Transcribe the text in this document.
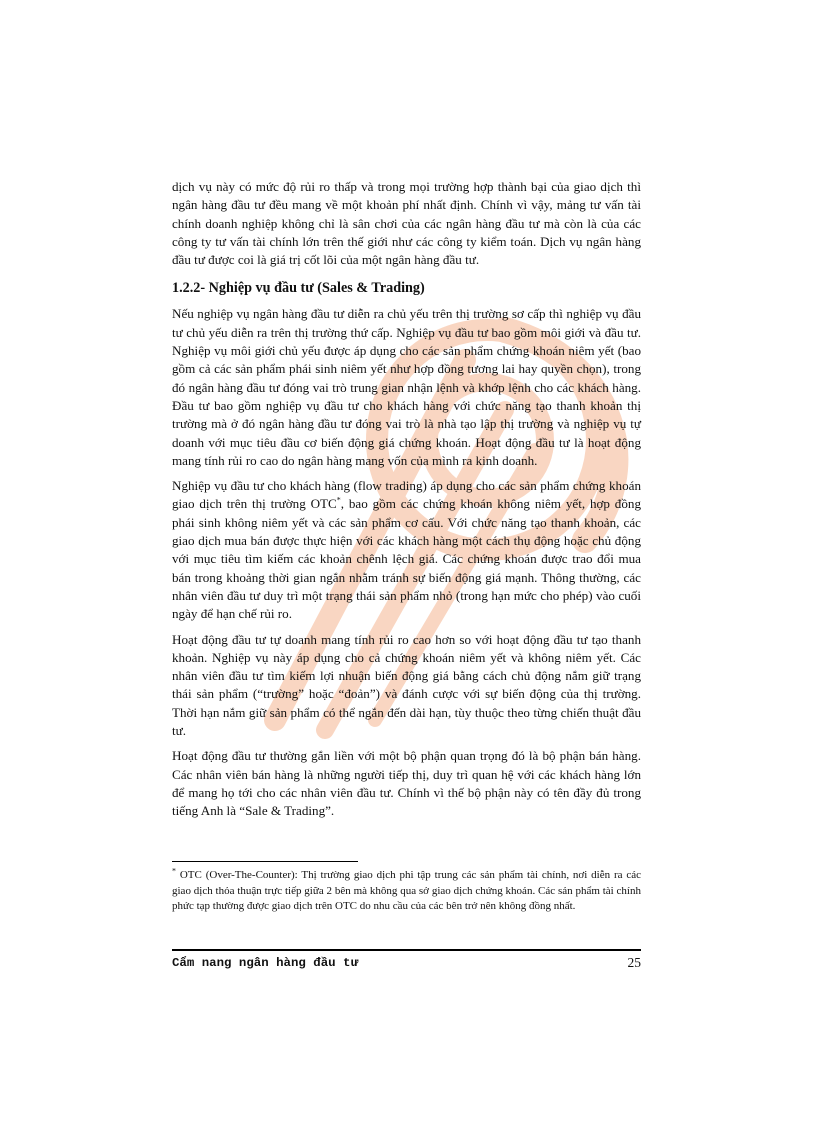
dịch vụ này có mức độ rủi ro thấp và trong mọi trường hợp thành bại của giao dịch thì ngân hàng đầu tư đều mang về một khoản phí nhất định. Chính vì vậy, mảng tư vấn tài chính doanh nghiệp không chỉ là sân chơi của các ngân hàng đầu tư mà còn là của các công ty tư vấn tài chính lớn trên thế giới như các công ty kiểm toán. Dịch vụ ngân hàng đầu tư được coi là giá trị cốt lõi của một ngân hàng đầu tư.

1.2.2- Nghiệp vụ đầu tư (Sales & Trading)

Nếu nghiệp vụ ngân hàng đầu tư diễn ra chủ yếu trên thị trường sơ cấp thì nghiệp vụ đầu tư chủ yếu diễn ra trên thị trường thứ cấp. Nghiệp vụ đầu tư bao gồm môi giới và đầu tư. Nghiệp vụ môi giới chủ yếu được áp dụng cho các sản phẩm chứng khoán niêm yết (bao gồm cả các sản phẩm phái sinh niêm yết như hợp đồng tương lai hay quyền chọn), trong đó ngân hàng đầu tư đóng vai trò trung gian nhận lệnh và khớp lệnh cho các khách hàng. Đầu tư bao gồm nghiệp vụ đầu tư cho khách hàng với chức năng tạo thanh khoản thị trường mà ở đó ngân hàng đầu tư đóng vai trò là nhà tạo lập thị trường và nghiệp vụ tự doanh với mục tiêu đầu cơ biến động giá chứng khoán. Hoạt động đầu tư là hoạt động mang tính rủi ro cao do ngân hàng mang vốn của mình ra kinh doanh.

Nghiệp vụ đầu tư cho khách hàng (flow trading) áp dụng cho các sản phẩm chứng khoán giao dịch trên thị trường OTC*, bao gồm các chứng khoán không niêm yết, hợp đồng phái sinh không niêm yết và các sản phẩm cơ cấu. Với chức năng tạo thanh khoản, các giao dịch mua bán được thực hiện với các khách hàng một cách thụ động hoặc chủ động với mục tiêu tìm kiếm các khoản chênh lệch giá. Các chứng khoán được trao đổi mua bán trong khoảng thời gian ngắn nhằm tránh sự biến động giá mạnh. Thông thường, các nhân viên đầu tư duy trì một trạng thái sản phẩm nhỏ (trong hạn mức cho phép) vào cuối ngày để hạn chế rủi ro.

Hoạt động đầu tư tự doanh mang tính rủi ro cao hơn so với hoạt động đầu tư tạo thanh khoản. Nghiệp vụ này áp dụng cho cả chứng khoán niêm yết và không niêm yết. Các nhân viên đầu tư tìm kiếm lợi nhuận biến động giá bằng cách chủ động nắm giữ trạng thái sản phẩm (“trường” hoặc “đoản”) và đánh cược với sự biến động của thị trường. Thời hạn nắm giữ sản phẩm có thể ngắn đến dài hạn, tùy thuộc theo từng chiến thuật đầu tư.

Hoạt động đầu tư thường gắn liền với một bộ phận quan trọng đó là bộ phận bán hàng. Các nhân viên bán hàng là những người tiếp thị, duy trì quan hệ với các khách hàng lớn để mang họ tới cho các nhân viên đầu tư. Chính vì thế bộ phận này có tên đầy đủ trong tiếng Anh là “Sale & Trading”.

* OTC (Over-The-Counter): Thị trường giao dịch phi tập trung các sản phẩm tài chính, nơi diễn ra các giao dịch thỏa thuận trực tiếp giữa 2 bên mà không qua sở giao dịch chứng khoán. Các sản phẩm tài chính phức tạp thường được giao dịch trên OTC do nhu cầu của các bên trở nên không đồng nhất.

Cẩm nang ngân hàng đầu tư	25
